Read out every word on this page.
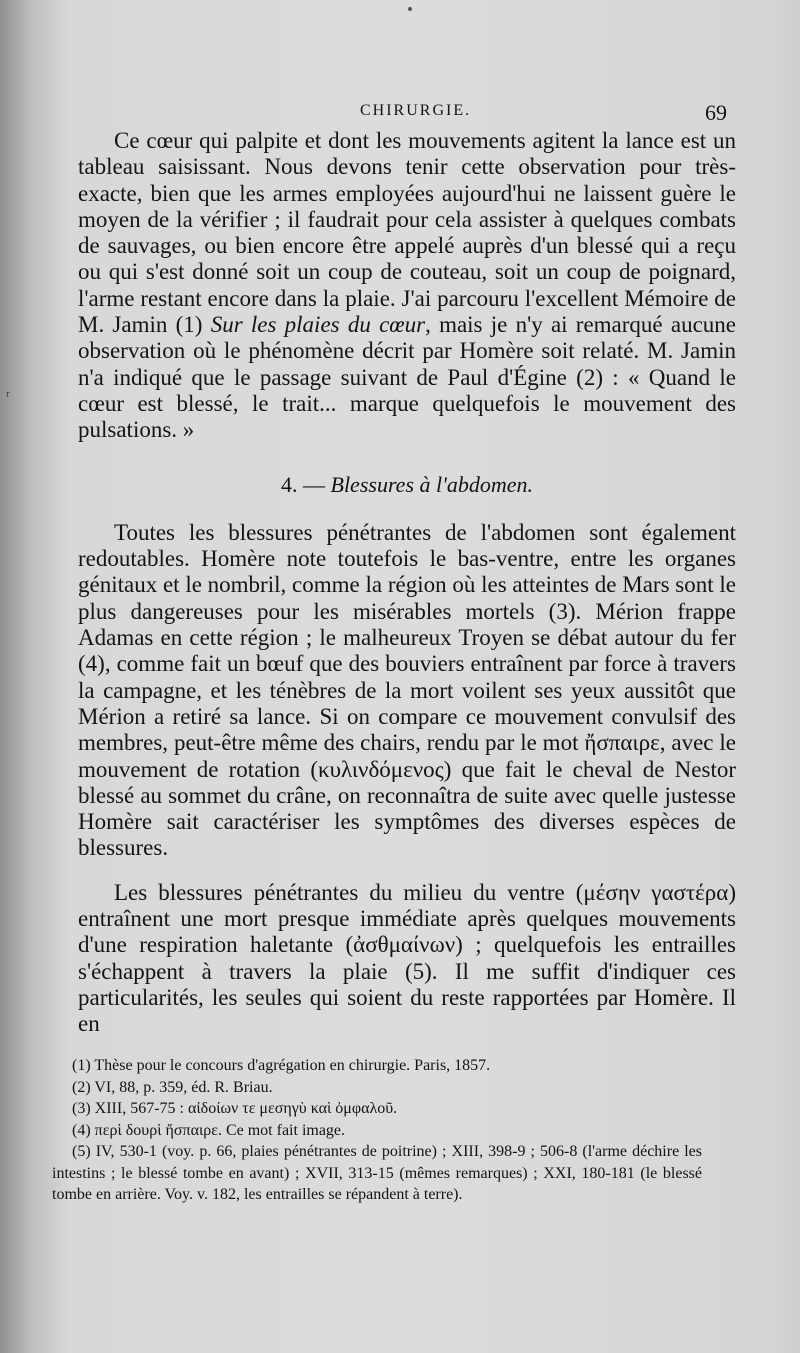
ʳ
CHIRURGIE.	69

Ce cœur qui palpite et dont les mouvements agitent la lance est un tableau saisissant. Nous devons tenir cette observation pour très-exacte, bien que les armes employées aujourd'hui ne laissent guère le moyen de la vérifier ; il faudrait pour cela assister à quelques combats de sauvages, ou bien encore être appelé auprès d'un blessé qui a reçu ou qui s'est donné soit un coup de couteau, soit un coup de poignard, l'arme restant encore dans la plaie. J'ai parcouru l'excellent Mémoire de M. Jamin (1) Sur les plaies du cœur, mais je n'y ai remarqué aucune observation où le phénomène décrit par Homère soit relaté. M. Jamin n'a indiqué que le passage suivant de Paul d'Égine (2) : « Quand le cœur est blessé, le trait... marque quelquefois le mouvement des pulsations. »

4. — Blessures à l'abdomen.

Toutes les blessures pénétrantes de l'abdomen sont également redoutables. Homère note toutefois le bas-ventre, entre les organes génitaux et le nombril, comme la région où les atteintes de Mars sont le plus dangereuses pour les misérables mortels (3). Mérion frappe Adamas en cette région ; le malheureux Troyen se débat autour du fer (4), comme fait un bœuf que des bouviers entraînent par force à travers la campagne, et les ténèbres de la mort voilent ses yeux aussitôt que Mérion a retiré sa lance. Si on compare ce mouvement convulsif des membres, peut-être même des chairs, rendu par le mot ἤσπαιρε, avec le mouvement de rotation (κυλινδόμενος) que fait le cheval de Nestor blessé au sommet du crâne, on reconnaîtra de suite avec quelle justesse Homère sait caractériser les symptômes des diverses espèces de blessures.

Les blessures pénétrantes du milieu du ventre (μέσην γαστέρα) entraînent une mort presque immédiate après quelques mouvements d'une respiration haletante (ἀσθμαίνων) ; quelquefois les entrailles s'échappent à travers la plaie (5). Il me suffit d'indiquer ces particularités, les seules qui soient du reste rapportées par Homère. Il en

(1) Thèse pour le concours d'agrégation en chirurgie. Paris, 1857.
(2) VI, 88, p. 359, éd. R. Briau.
(3) XIII, 567-75 : αἰδοίων τε μεσηγὺ καὶ ὀμφαλοῦ.
(4) περὶ δουρὶ ἤσπαιρε. Ce mot fait image.
(5) IV, 530-1 (voy. p. 66, plaies pénétrantes de poitrine) ; XIII, 398-9 ; 506-8 (l'arme déchire les intestins ; le blessé tombe en avant) ; XVII, 313-15 (mêmes remarques) ; XXI, 180-181 (le blessé tombe en arrière. Voy. v. 182, les entrailles se répandent à terre).
